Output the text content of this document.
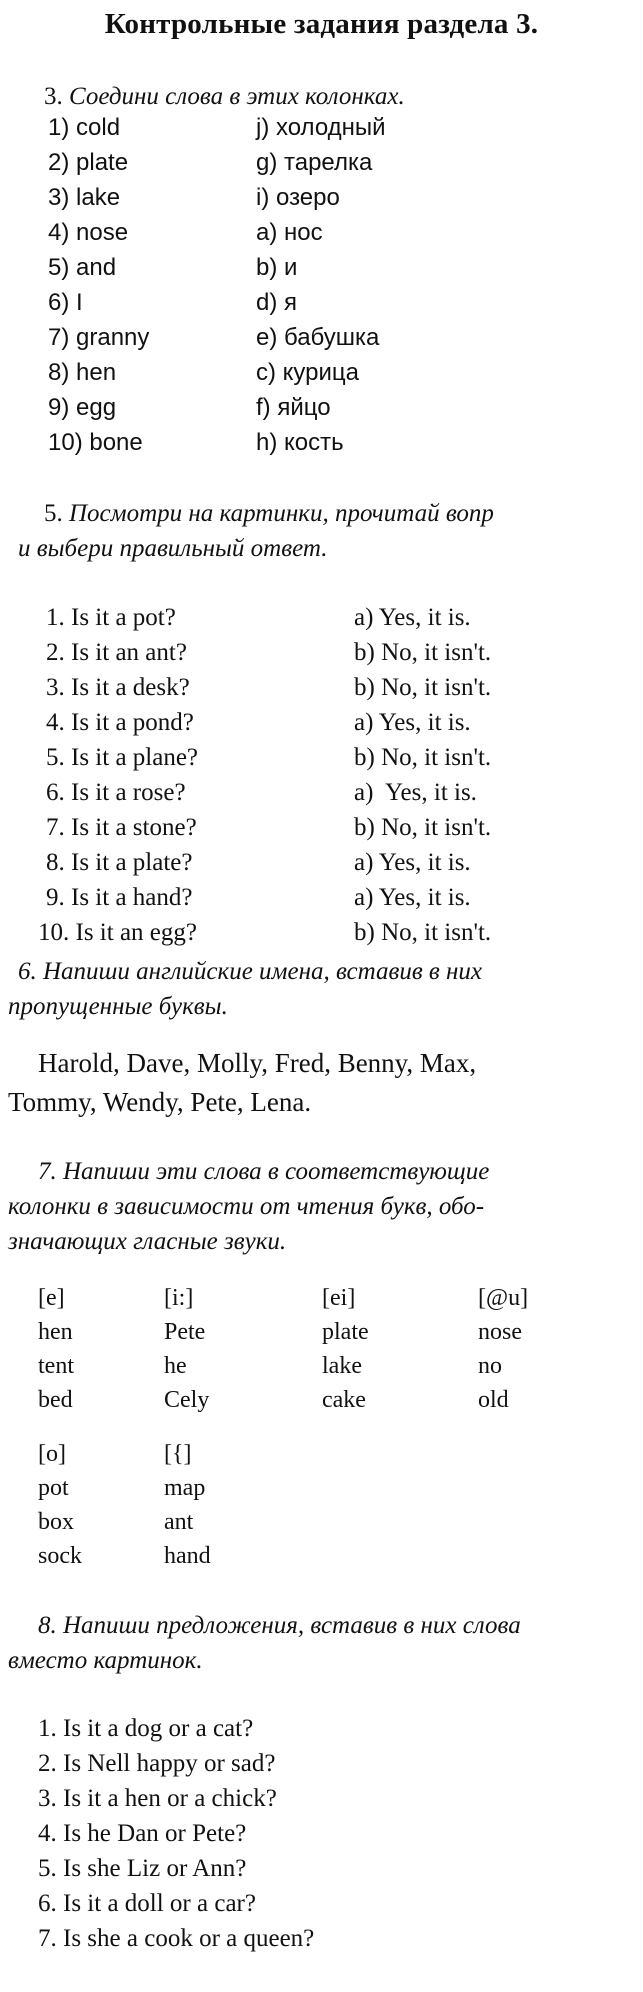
Контрольные задания раздела 3.
3. Соедини слова в этих колонках.
1) cold	j) холодный
2) plate	g) тарелка
3) lake	i) озеро
4) nose	a) нос
5) and	b) и
6) I	d) я
7) granny	e) бабушка
8) hen	c) курица
9) egg	f) яйцо
10) bone	h) кость
5. Посмотри на картинки, прочитай вопр
и выбери правильный ответ.
1. Is it a pot?	a) Yes, it is.
2. Is it an ant?	b) No, it isn't.
3. Is it a desk?	b) No, it isn't.
4. Is it a pond?	a) Yes, it is.
5. Is it a plane?	b) No, it isn't.
6. Is it a rose?	a)  Yes, it is.
7. Is it a stone?	b) No, it isn't.
8. Is it a plate?	a) Yes, it is.
9. Is it a hand?	a) Yes, it is.
10. Is it an egg?	b) No, it isn't.
6. Напиши английские имена, вставив в них
пропущенные буквы.
Harold, Dave, Molly, Fred, Benny, Max,
Tommy, Wendy, Pete, Lena.
7. Напиши эти слова в соответствующие
колонки в зависимости от чтения букв, обо-
значающих гласные звуки.
[e]	[i:]	[ei]	[@u]
hen	Pete	plate	nose
tent	he	lake	no
bed	Cely	cake	old
[o]	[{]
pot	map
box	ant
sock	hand
8. Напиши предложения, вставив в них слова
вместо картинок.
1. Is it a dog or a cat?
2. Is Nell happy or sad?
3. Is it a hen or a chick?
4. Is he Dan or Pete?
5. Is she Liz or Ann?
6. Is it a doll or a car?
7. Is she a cook or a queen?
